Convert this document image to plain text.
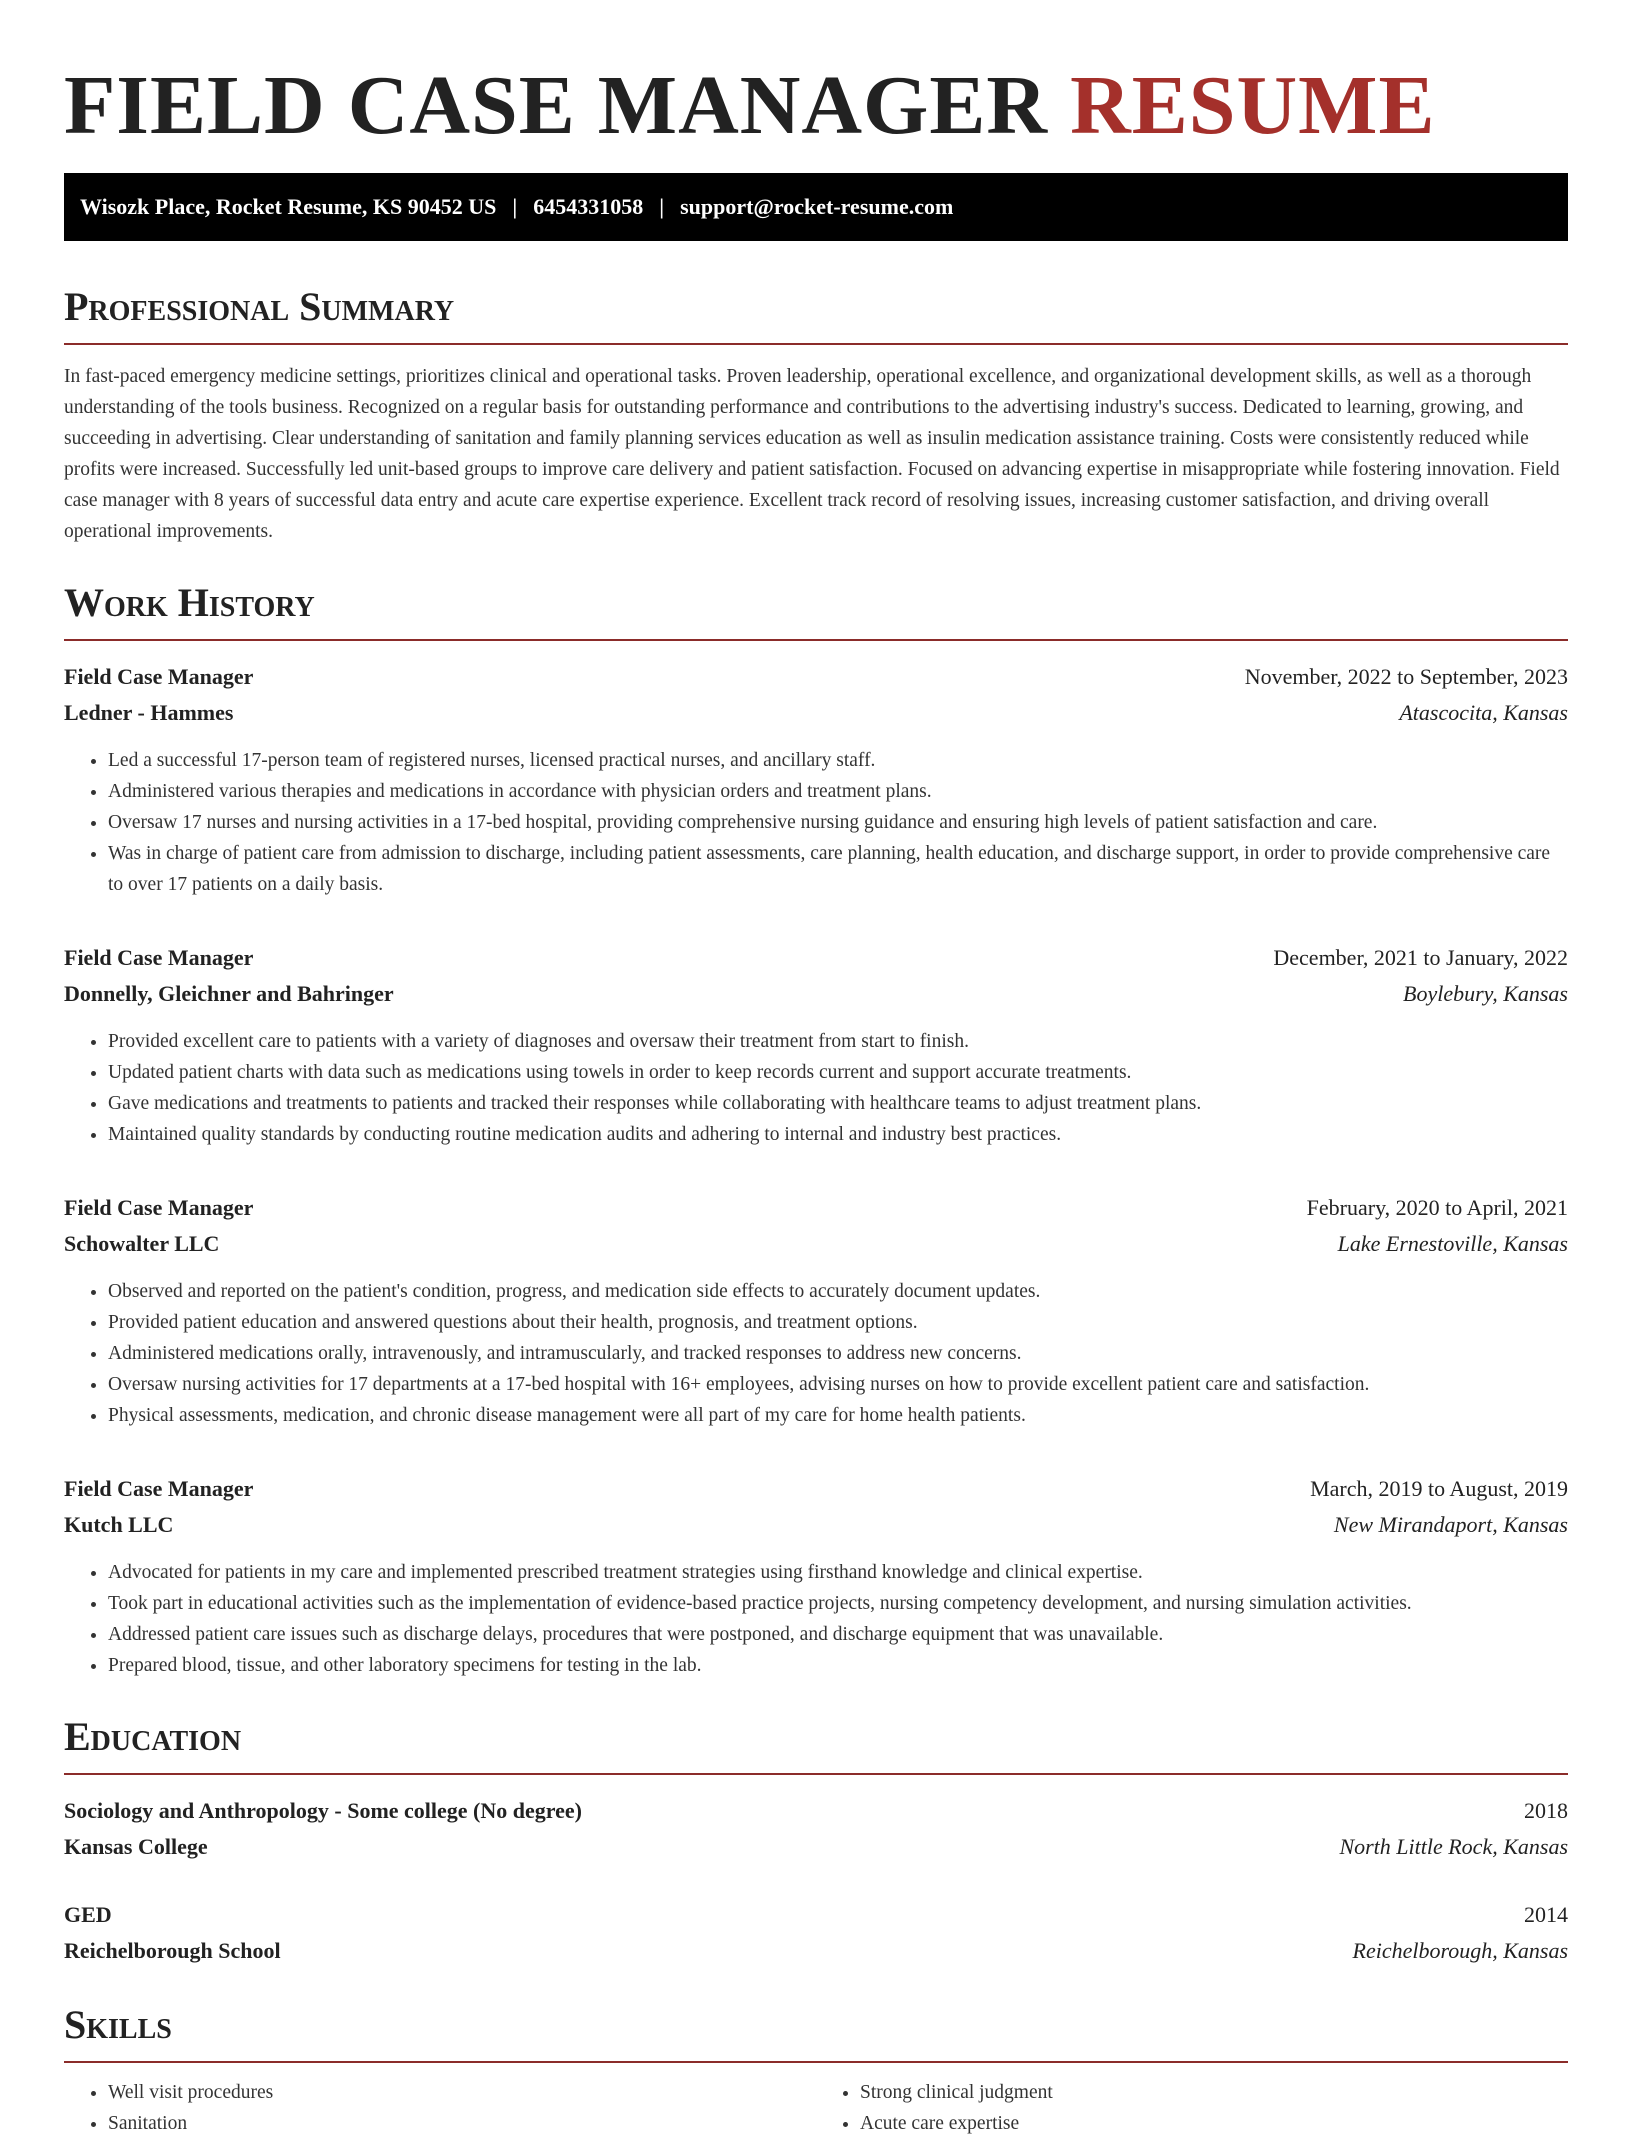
FIELD CASE MANAGER RESUME
Wisozk Place, Rocket Resume, KS 90452 US | 6454331058 | support@rocket-resume.com
Professional Summary

In fast-paced emergency medicine settings, prioritizes clinical and operational tasks. Proven leadership, operational excellence, and organizational development skills, as well as a thorough understanding of the tools business. Recognized on a regular basis for outstanding performance and contributions to the advertising industry's success. Dedicated to learning, growing, and succeeding in advertising. Clear understanding of sanitation and family planning services education as well as insulin medication assistance training. Costs were consistently reduced while profits were increased. Successfully led unit-based groups to improve care delivery and patient satisfaction. Focused on advancing expertise in misappropriate while fostering innovation. Field case manager with 8 years of successful data entry and acute care expertise experience. Excellent track record of resolving issues, increasing customer satisfaction, and driving overall operational improvements.

Work History
Field Case Manager	November, 2022 to September, 2023
Ledner - Hammes	Atascocita, Kansas
• Led a successful 17-person team of registered nurses, licensed practical nurses, and ancillary staff.
• Administered various therapies and medications in accordance with physician orders and treatment plans.
• Oversaw 17 nurses and nursing activities in a 17-bed hospital, providing comprehensive nursing guidance and ensuring high levels of patient satisfaction and care.
• Was in charge of patient care from admission to discharge, including patient assessments, care planning, health education, and discharge support, in order to provide comprehensive care to over 17 patients on a daily basis.
Field Case Manager	December, 2021 to January, 2022
Donnelly, Gleichner and Bahringer	Boylebury, Kansas
• Provided excellent care to patients with a variety of diagnoses and oversaw their treatment from start to finish.
• Updated patient charts with data such as medications using towels in order to keep records current and support accurate treatments.
• Gave medications and treatments to patients and tracked their responses while collaborating with healthcare teams to adjust treatment plans.
• Maintained quality standards by conducting routine medication audits and adhering to internal and industry best practices.
Field Case Manager	February, 2020 to April, 2021
Schowalter LLC	Lake Ernestoville, Kansas
• Observed and reported on the patient's condition, progress, and medication side effects to accurately document updates.
• Provided patient education and answered questions about their health, prognosis, and treatment options.
• Administered medications orally, intravenously, and intramuscularly, and tracked responses to address new concerns.
• Oversaw nursing activities for 17 departments at a 17-bed hospital with 16+ employees, advising nurses on how to provide excellent patient care and satisfaction.
• Physical assessments, medication, and chronic disease management were all part of my care for home health patients.
Field Case Manager	March, 2019 to August, 2019
Kutch LLC	New Mirandaport, Kansas
• Advocated for patients in my care and implemented prescribed treatment strategies using firsthand knowledge and clinical expertise.
• Took part in educational activities such as the implementation of evidence-based practice projects, nursing competency development, and nursing simulation activities.
• Addressed patient care issues such as discharge delays, procedures that were postponed, and discharge equipment that was unavailable.
• Prepared blood, tissue, and other laboratory specimens for testing in the lab.
Education
Sociology and Anthropology - Some college (No degree)	2018
Kansas College	North Little Rock, Kansas
GED	2014
Reichelborough School	Reichelborough, Kansas
Skills
• Well visit procedures
• Sanitation
• Strong clinical judgment
• Acute care expertise
